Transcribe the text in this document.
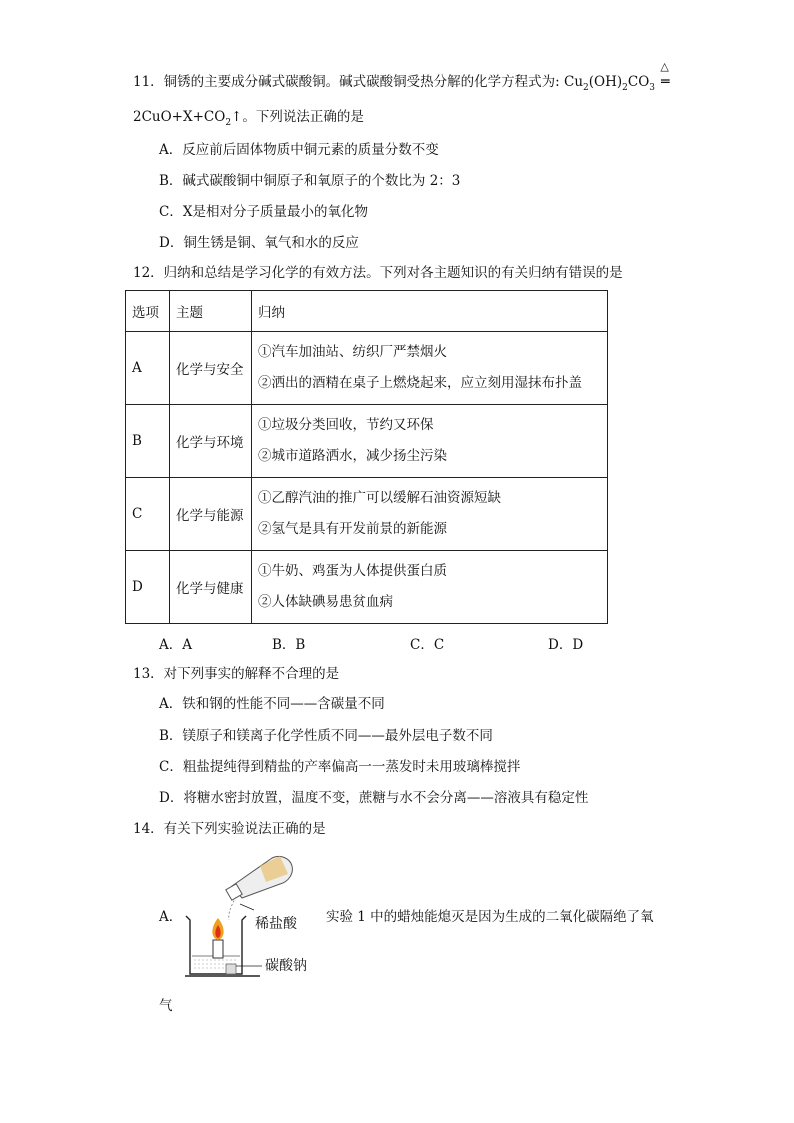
11．铜锈的主要成分碱式碳酸铜。碱式碳酸铜受热分解的化学方程式为: $Cu_2(OH)_2CO_3$
△
═
$2CuO+X+CO_2↑$。下列说法正确的是
A．反应前后固体物质中铜元素的质量分数不变
B．碱式碳酸铜中铜原子和氧原子的个数比为 2：3
C．X是相对分子质量最小的氧化物
D．铜生锈是铜、氧气和水的反应
12．归纳和总结是学习化学的有效方法。下列对各主题知识的有关归纳有错误的是
选项	主题	归纳
A	化学与安全	①汽车加油站、纺织厂严禁烟火
②洒出的酒精在桌子上燃烧起来，应立刻用湿抹布扑盖

B	化学与环境	①垃圾分类回收，节约又环保
②城市道路洒水，减少扬尘污染

C	化学与能源	①乙醇汽油的推广可以缓解石油资源短缺
②氢气是具有开发前景的新能源

D	化学与健康	①牛奶、鸡蛋为人体提供蛋白质
②人体缺碘易患贫血病
A．A	B．B	C．C	D．D
13．对下列事实的解释不合理的是
A．铁和钢的性能不同——含碳量不同
B．镁原子和镁离子化学性质不同——最外层电子数不同
C．粗盐提纯得到精盐的产率偏高一一蒸发时未用玻璃棒搅拌
D．将糖水密封放置，温度不变，蔗糖与水不会分离——溶液具有稳定性
14．有关下列实验说法正确的是
A．	稀盐酸
碳酸钠
实验 1 中的蜡烛能熄灭是因为生成的二氧化碳隔绝了氧
气
